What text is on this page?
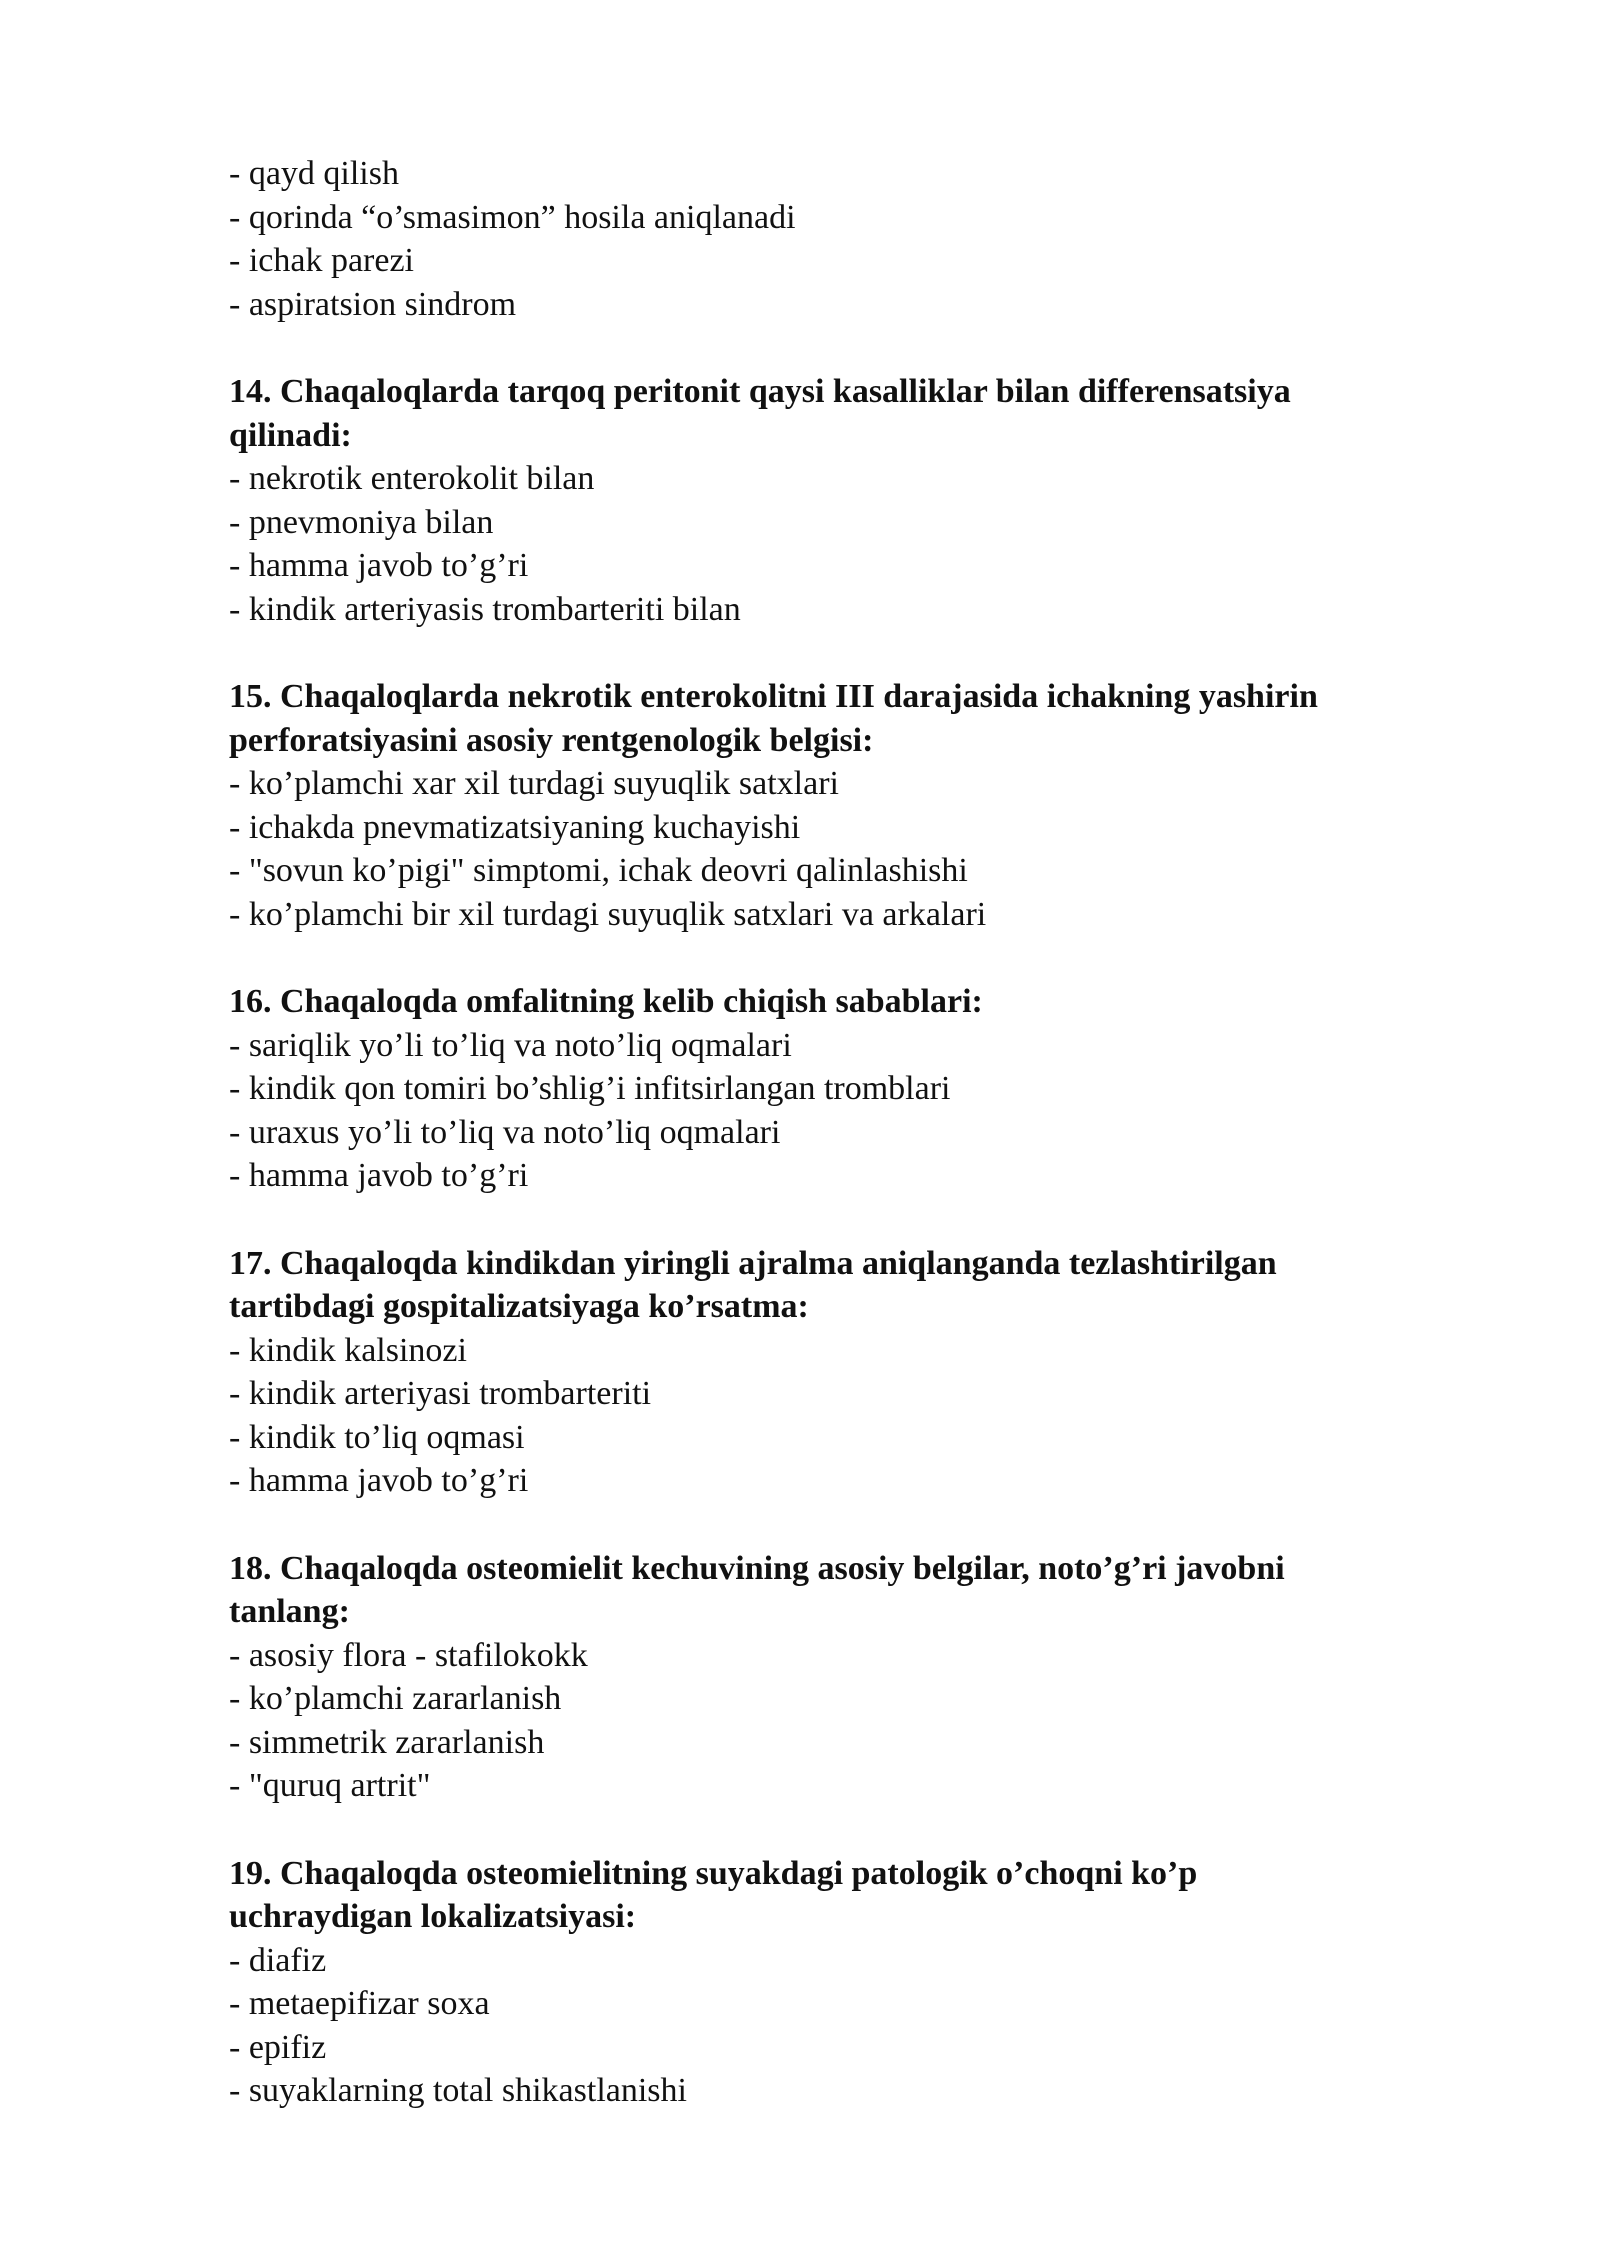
- qayd qilish
- qorinda “o’smasimon” hosila aniqlanadi
- ichak parezi
- aspiratsion sindrom
14. Chaqaloqlarda tarqoq peritonit qaysi kasalliklar bilan differensatsiya
qilinadi:
- nekrotik enterokolit bilan
- pnevmoniya bilan
- hamma javob to’g’ri
- kindik arteriyasis trombarteriti bilan
15. Chaqaloqlarda nekrotik enterokolitni III darajasida ichakning yashirin
perforatsiyasini asosiy rentgenologik belgisi:
- ko’plamchi xar xil turdagi suyuqlik satxlari
- ichakda pnevmatizatsiyaning kuchayishi
- "sovun ko’pigi" simptomi, ichak deovri qalinlashishi
- ko’plamchi bir xil turdagi suyuqlik satxlari va arkalari
16. Chaqaloqda omfalitning kelib chiqish sabablari:
- sariqlik yo’li to’liq va noto’liq oqmalari
- kindik qon tomiri bo’shlig’i infitsirlangan tromblari
- uraxus yo’li to’liq va noto’liq oqmalari
- hamma javob to’g’ri
17. Chaqaloqda kindikdan yiringli ajralma aniqlanganda tezlashtirilgan
tartibdagi gospitalizatsiyaga ko’rsatma:
- kindik kalsinozi
- kindik arteriyasi trombarteriti
- kindik to’liq oqmasi
- hamma javob to’g’ri
18. Chaqaloqda osteomielit kechuvining asosiy belgilar, noto’g’ri javobni
tanlang:
- asosiy flora - stafilokokk
- ko’plamchi zararlanish
- simmetrik zararlanish
- "quruq artrit"
19. Chaqaloqda osteomielitning suyakdagi patologik o’choqni ko’p
uchraydigan lokalizatsiyasi:
- diafiz
- metaepifizar soxa
- epifiz
- suyaklarning total shikastlanishi
